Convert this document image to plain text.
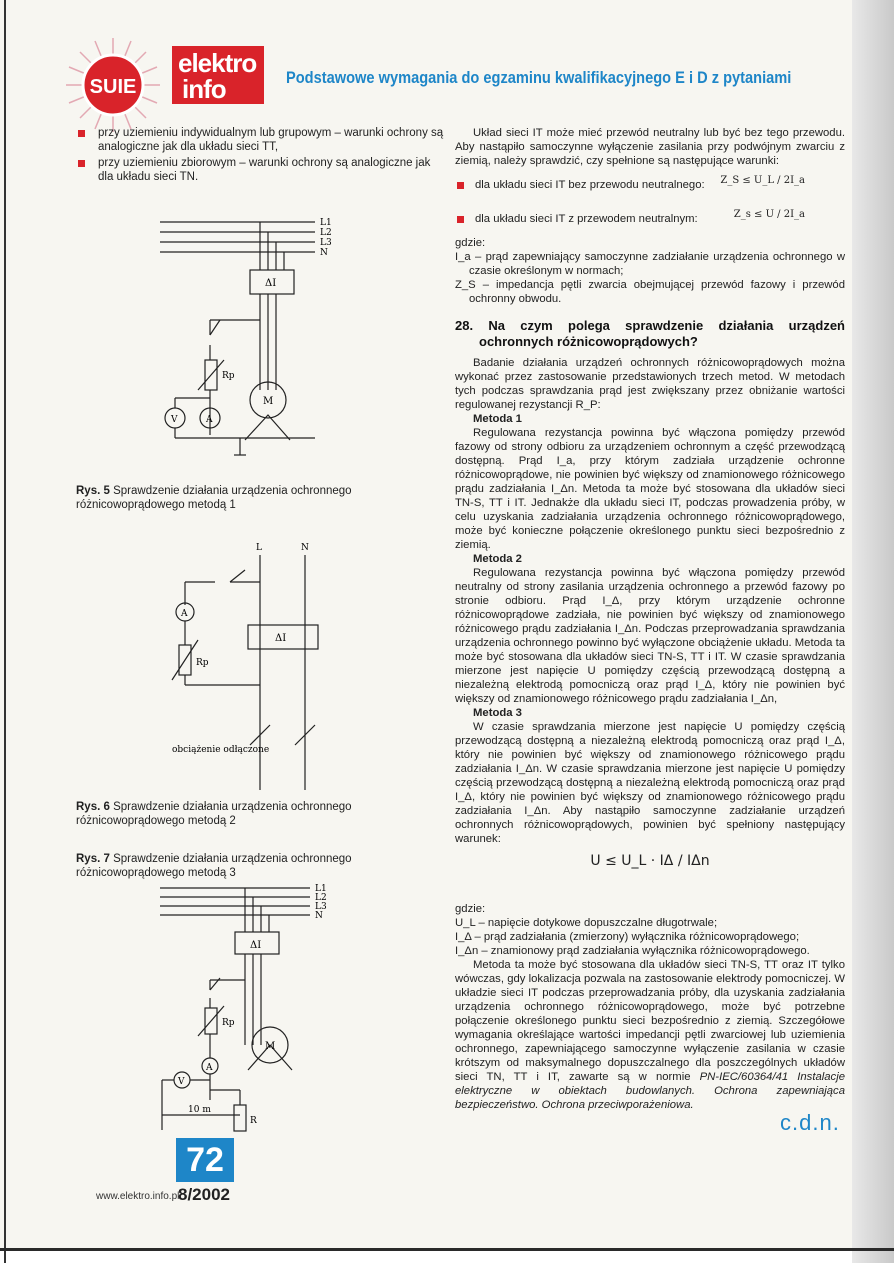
SUIE
elektro
info	Podstawowe wymagania do egzaminu kwalifikacyjnego E i D z pytaniami
przy uziemieniu indywidualnym lub grupowym – warunki ochrony są analogiczne jak dla układu sieci TT,
przy uziemieniu zbiorowym – warunki ochrony są analogiczne jak dla układu sieci TN.
L1
L2
L3
N
ΔI
Rp
M
V	A
Rys. 5 Sprawdzenie działania urządzenia ochronnego różnicowoprądowego metodą 1
L	N
ΔI
A
Rp
obciążenie odłączone
Rys. 6 Sprawdzenie działania urządzenia ochronnego różnicowoprądowego metodą 2
Rys. 7 Sprawdzenie działania urządzenia ochronnego różnicowoprądowego metodą 3
L1
L2
L3
N
ΔI
Rp
M
A
V
R
10 m

Układ sieci IT może mieć przewód neutralny lub być bez tego przewodu. Aby nastąpiło samoczynne wyłączenie zasilania przy podwójnym zwarciu z ziemią, należy sprawdzić, czy spełnione są następujące warunki:

dla układu sieci IT bez przewodu neutralnego: Z_S ≤ U_L / 2I_a
dla układu sieci IT z przewodem neutralnym:	Z_s ≤ U / 2I_a

gdzie:

I_a – prąd zapewniający samoczynne zadziałanie urządzenia ochronnego w czasie określonym w normach;
Z_S – impedancja pętli zwarcia obejmującej przewód fazowy i przewód ochronny obwodu.
28. Na czym polega sprawdzenie działania urządzeń ochronnych różnicowoprądowych?

Badanie działania urządzeń ochronnych różnicowoprądowych można wykonać przez zastosowanie przedstawionych trzech metod. W metodach tych podczas sprawdzania prąd jest zwiększany przez obniżanie wartości regulowanej rezystancji R_P:

Metoda 1

Regulowana rezystancja powinna być włączona pomiędzy przewód fazowy od strony odbioru za urządzeniem ochronnym a część przewodzącą dostępną. Prąd I_a, przy którym zadziała urządzenie ochronne różnicowoprądowe, nie powinien być większy od znamionowego różnicowego prądu zadziałania I_Δn. Metoda ta może być stosowana dla układów sieci TN-S, TT i IT. Jednakże dla układu sieci IT, podczas prowadzenia próby, w celu uzyskania zadziałania urządzenia ochronnego różnicowoprądowego, może być konieczne połączenie określonego punktu sieci bezpośrednio z ziemią.

Metoda 2

Regulowana rezystancja powinna być włączona pomiędzy przewód neutralny od strony zasilania urządzenia ochronnego a przewód fazowy po stronie odbioru. Prąd I_Δ, przy którym urządzenie ochronne różnicowoprądowe zadziała, nie powinien być większy od znamionowego różnicowego prądu zadziałania I_Δn. Podczas przeprowadzania sprawdzania urządzenia ochronnego powinno być wyłączone obciążenie układu. Metoda ta może być stosowana dla układów sieci TN-S, TT i IT. W czasie sprawdzania mierzone jest napięcie U pomiędzy częścią przewodzącą dostępną a niezależną elektrodą pomocniczą oraz prąd I_Δ, który nie powinien być większy od znamionowego różnicowego prądu zadziałania I_Δn,

Metoda 3

W czasie sprawdzania mierzone jest napięcie U pomiędzy częścią przewodzącą dostępną a niezależną elektrodą pomocniczą oraz prąd I_Δ, który nie powinien być większy od znamionowego różnicowego prądu zadziałania I_Δn. W czasie sprawdzania mierzone jest napięcie U pomiędzy częścią przewodzącą dostępną a niezależną elektrodą pomocniczą oraz prąd I_Δ, który nie powinien być większy od znamionowego różnicowego prądu zadziałania I_Δn. Aby nastąpiło samoczynne zadziałanie urządzeń ochronnych różnicowoprądowych, powinien być spełniony następujący warunek:

U ≤ U_L · IΔ / IΔn

gdzie:

U_L – napięcie dotykowe dopuszczalne długotrwale;
I_Δ – prąd zadziałania (zmierzony) wyłącznika różnicowoprądowego;
I_Δn – znamionowy prąd zadziałania wyłącznika różnicowoprądowego.

Metoda ta może być stosowana dla układów sieci TN-S, TT oraz IT tylko wówczas, gdy lokalizacja pozwala na zastosowanie elektrody pomocniczej. W układzie sieci IT podczas przeprowadzania próby, dla uzyskania zadziałania urządzenia ochronnego różnicowoprądowego, może być potrzebne połączenie określonego punktu sieci bezpośrednio z ziemią. Szczegółowe wymagania określające wartości impedancji pętli zwarciowej lub uziemienia ochronnego, zapewniającego samoczynne wyłączenie zasilania w czasie krótszym od maksymalnego dopuszczalnego dla poszczególnych układów sieci TN, TT i IT, zawarte są w normie PN-IEC/60364/41 Instalacje elektryczne w obiektach budowlanych. Ochrona zapewniająca bezpieczeństwo. Ochrona przeciwporażeniowa.

c.d.n.
72
www.elektro.info.pl
8/2002
